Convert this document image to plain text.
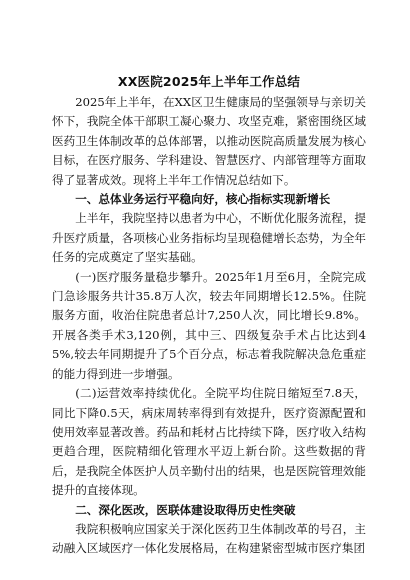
XX医院2025年上半年工作总结

2025年上半年，在XX区卫生健康局的坚强领导与亲切关怀下，我院全体干部职工凝心聚力、攻坚克难，紧密围绕区域医药卫生体制改革的总体部署，以推动医院高质量发展为核心目标，在医疗服务、学科建设、智慧医疗、内部管理等方面取得了显著成效。现将上半年工作情况总结如下。

一、总体业务运行平稳向好，核心指标实现新增长

上半年，我院坚持以患者为中心，不断优化服务流程，提升医疗质量，各项核心业务指标均呈现稳健增长态势，为全年任务的完成奠定了坚实基础。

(一)医疗服务量稳步攀升。2025年1月至6月，全院完成门急诊服务共计35.8万人次，较去年同期增长12.5%。住院服务方面，收治住院患者总计7,250人次，同比增长9.8%。开展各类手术3,120例，其中三、四级复杂手术占比达到45%,较去年同期提升了5个百分点，标志着我院解决急危重症的能力得到进一步增强。

(二)运营效率持续优化。全院平均住院日缩短至7.8天，同比下降0.5天，病床周转率得到有效提升，医疗资源配置和使用效率显著改善。药品和耗材占比持续下降，医疗收入结构更趋合理，医院精细化管理水平迈上新台阶。这些数据的背后，是我院全体医护人员辛勤付出的结果，也是医院管理效能提升的直接体现。

二、深化医改，医联体建设取得历史性突破

我院积极响应国家关于深化医药卫生体制改革的号召，主动融入区域医疗一体化发展格局，在构建紧密型城市医疗集团
